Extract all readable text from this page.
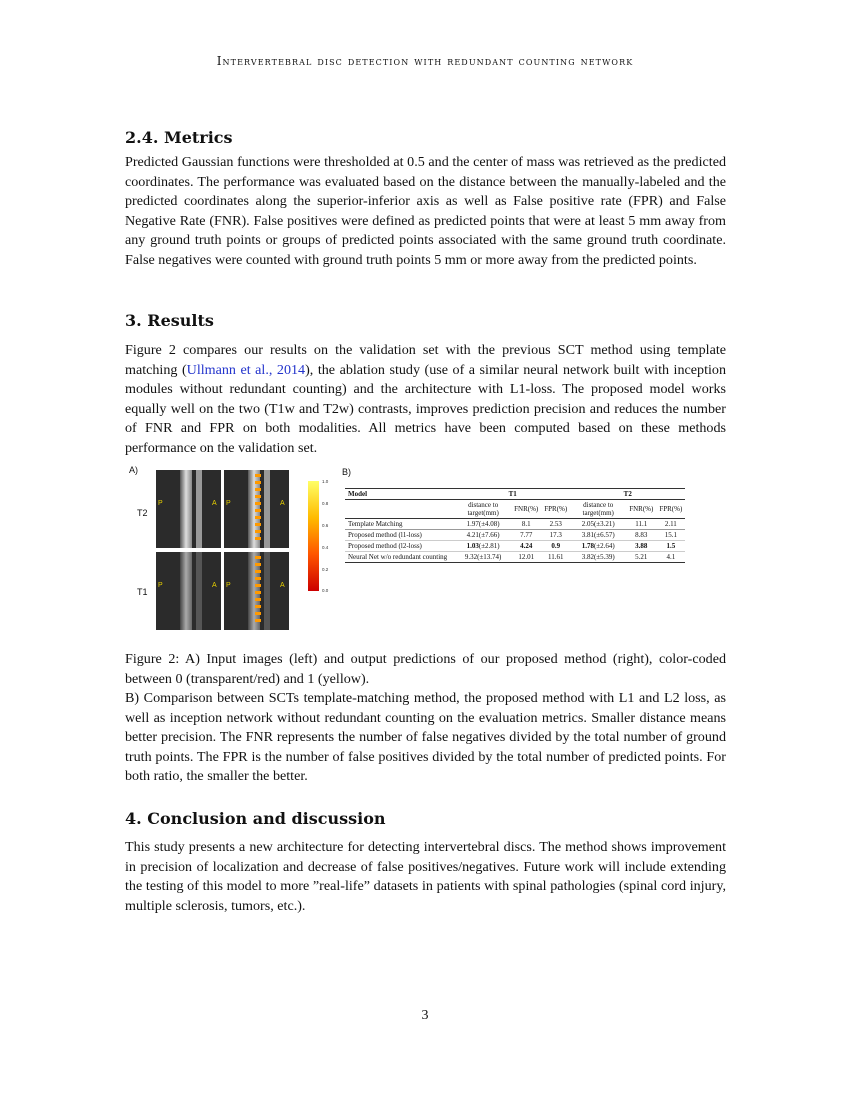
Intervertebral disc detection with redundant counting network
2.4. Metrics

Predicted Gaussian functions were thresholded at 0.5 and the center of mass was retrieved as the predicted coordinates. The performance was evaluated based on the distance between the manually-labeled and the predicted coordinates along the superior-inferior axis as well as False positive rate (FPR) and False Negative Rate (FNR). False positives were defined as predicted points that were at least 5 mm away from any ground truth points or groups of predicted points associated with the same ground truth coordinate. False negatives were counted with ground truth points 5 mm or more away from the predicted points.

3. Results

Figure 2 compares our results on the validation set with the previous SCT method using template matching (Ullmann et al., 2014), the ablation study (use of a similar neural network built with inception modules without redundant counting) and the architecture with L1-loss. The proposed model works equally well on the two (T1w and T2w) contrasts, improves prediction precision and reduces the number of FNR and FPR on both modalities. All metrics have been computed based on these methods performance on the validation set.

A)	B)
T2
T1
P	A P	A
P	A P	A
1.0
0.8
0.6
0.4
0.2
0.0
Model	T1			T2		
	distance to target(mm)	FNR(%)	FPR(%)	distance to target(mm)	FNR(%)	FPR(%)
Template Matching	1.97(±4.08)	8.1	2.53	2.05(±3.21)	11.1	2.11
Proposed method (l1-loss)	4.21(±7.66)	7.77	17.3	3.81(±6.57)	8.83	15.1
Proposed method (l2-loss)	1.03(±2.81)	4.24	0.9	1.78(±2.64)	3.88	1.5
Neural Net w/o redundant counting	9.32(±13.74)	12.01	11.61	3.82(±5.39)	5.21	4.1

Figure 2: A) Input images (left) and output predictions of our proposed method (right), color-coded between 0 (transparent/red) and 1 (yellow).

B) Comparison between SCTs template-matching method, the proposed method with L1 and L2 loss, as well as inception network without redundant counting on the evaluation metrics. Smaller distance means better precision. The FNR represents the number of false negatives divided by the total number of ground truth points. The FPR is the number of false positives divided by the total number of predicted points. For both ratio, the smaller the better.

4. Conclusion and discussion

This study presents a new architecture for detecting intervertebral discs. The method shows improvement in precision of localization and decrease of false positives/negatives. Future work will include extending the testing of this model to more ”real-life” datasets in patients with spinal pathologies (spinal cord injury, multiple sclerosis, tumors, etc.).

3
